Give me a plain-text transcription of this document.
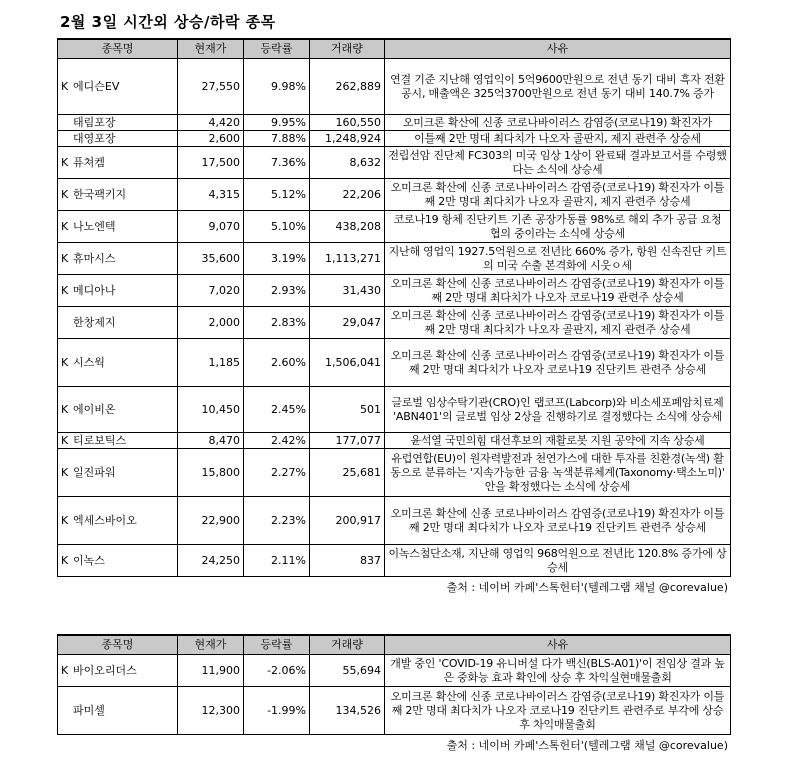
2월 3일 시간외 상승/하락 종목
종목명	현재가	등락률	거래량	사유
K 에디슨EV	27,550	9.98%	262,889	연결 기준 지난해 영업익이 5억9600만원으로 전년 동기 대비 흑자 전환 공시, 매출액은 325억3700만원으로 전년 동기 대비 140.7% 증가
태림포장	4,420	9.95%	160,550	오미크론 확산에 신종 코로나바이러스 감염증(코로나19) 확진자가
대영포장	2,600	7.88%	1,248,924	이틀째 2만 명대 최다치가 나오자 골판지, 제지 관련주 상승세
K 퓨쳐켐	17,500	7.36%	8,632	전립선암 진단제 FC303의 미국 임상 1상이 완료돼 결과보고서를 수령했다는 소식에 상승세
K 한국팩키지	4,315	5.12%	22,206	오미크론 확산에 신종 코로나바이러스 감염증(코로나19) 확진자가 이틀째 2만 명대 최다치가 나오자 골판지, 제지 관련주 상승세
K 나노엔텍	9,070	5.10%	438,208	코로나19 항체 진단키트 기존 공장가동률 98%로 해외 추가 공급 요청 협의 중이라는 소식에 상승세
K 휴마시스	35,600	3.19%	1,113,271	지난해 영업익 1927.5억원으로 전년比 660% 증가, 항원 신속진단 키트의 미국 수출 본격화에 시웃ㅇ세
K 메디아나	7,020	2.93%	31,430	오미크론 확산에 신종 코로나바이러스 감염증(코로나19) 확진자가 이틀째 2만 명대 최다치가 나오자 코로나19 관련주 상승세
한창제지	2,000	2.83%	29,047	오미크론 확산에 신종 코로나바이러스 감염증(코로나19) 확진자가 이틀째 2만 명대 최다치가 나오자 골판지, 제지 관련주 상승세
K 시스웍	1,185	2.60%	1,506,041	오미크론 확산에 신종 코로나바이러스 감염증(코로나19) 확진자가 이틀째 2만 명대 최다치가 나오자 코로나19 진단키트 관련주 상승세
K 에이비온	10,450	2.45%	501	글로벌 임상수탁기관(CRO)인 랩코프(Labcorp)와 비소세포폐암치료제 'ABN401'의 글로벌 임상 2상을 진행하기로 결정했다는 소식에 상승세
K 티로보틱스	8,470	2.42%	177,077	윤석열 국민의힘 대선후보의 재활로봇 지원 공약에 지속 상승세
K 일진파워	15,800	2.27%	25,681	유럽연합(EU)이 원자력발전과 천연가스에 대한 투자를 친환경(녹색) 활동으로 분류하는 '지속가능한 금융 녹색분류체계(Taxonomy·택소노미)' 안을 확정했다는 소식에 상승세
K 엑세스바이오	22,900	2.23%	200,917	오미크론 확산에 신종 코로나바이러스 감염증(코로나19) 확진자가 이틀째 2만 명대 최다치가 나오자 코로나19 진단키트 관련주 상승세
K 이녹스	24,250	2.11%	837	이녹스첨단소재, 지난해 영업익 968억원으로 전년比 120.8% 증가에 상승세
출처 : 네이버 카페'스톡헌터'(텔레그램 채널 @corevalue)
종목명	현재가	등락률	거래량	사유
K 바이오리더스	11,900	-2.06%	55,694	개발 중인 'COVID-19 유니버설 다가 백신(BLS-A01)'이 전임상 결과 높은 중화능 효과 확인에 상승 후 차익실현매물출회
파미셀	12,300	-1.99%	134,526	오미크론 확산에 신종 코로나바이러스 감염증(코로나19) 확진자가 이틀째 2만 명대 최다치가 나오자 코로나19 진단키트 관련주로 부각에 상승 후 차익매물출회
출처 : 네이버 카페'스톡헌터'(텔레그램 채널 @corevalue)
